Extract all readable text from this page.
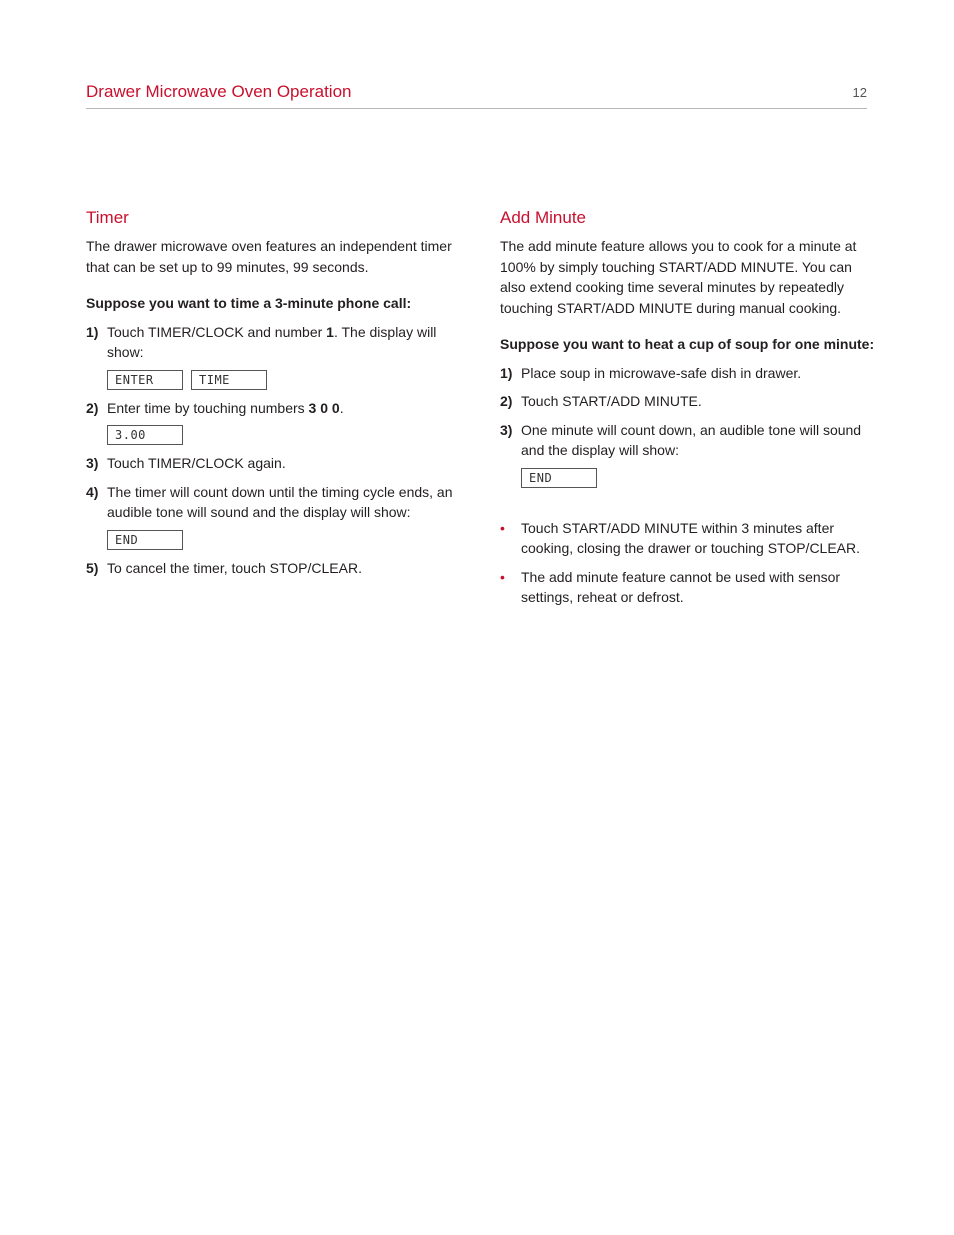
Drawer Microwave Oven Operation	12
Timer

The drawer microwave oven features an independent timer that can be set up to 99 minutes, 99 seconds.

Suppose you want to time a 3-minute phone call:

1) Touch TIMER/CLOCK and number 1. The display will show:
ENTER	TIME
2) Enter time by touching numbers 3 0 0.
3.00
3) Touch TIMER/CLOCK again.
4) The timer will count down until the timing cycle ends, an audible tone will sound and the display will show:
END
5) To cancel the timer, touch STOP/CLEAR.
Add Minute

The add minute feature allows you to cook for a minute at 100% by simply touching START/ADD MINUTE. You can also extend cooking time several minutes by repeatedly touching START/ADD MINUTE during manual cooking.

Suppose you want to heat a cup of soup for one minute:

1) Place soup in microwave-safe dish in drawer.
2) Touch START/ADD MINUTE.
3) One minute will count down, an audible tone will sound and the display will show:
END
• Touch START/ADD MINUTE within 3 minutes after cooking, closing the drawer or touching STOP/CLEAR.
• The add minute feature cannot be used with sensor settings, reheat or defrost.
